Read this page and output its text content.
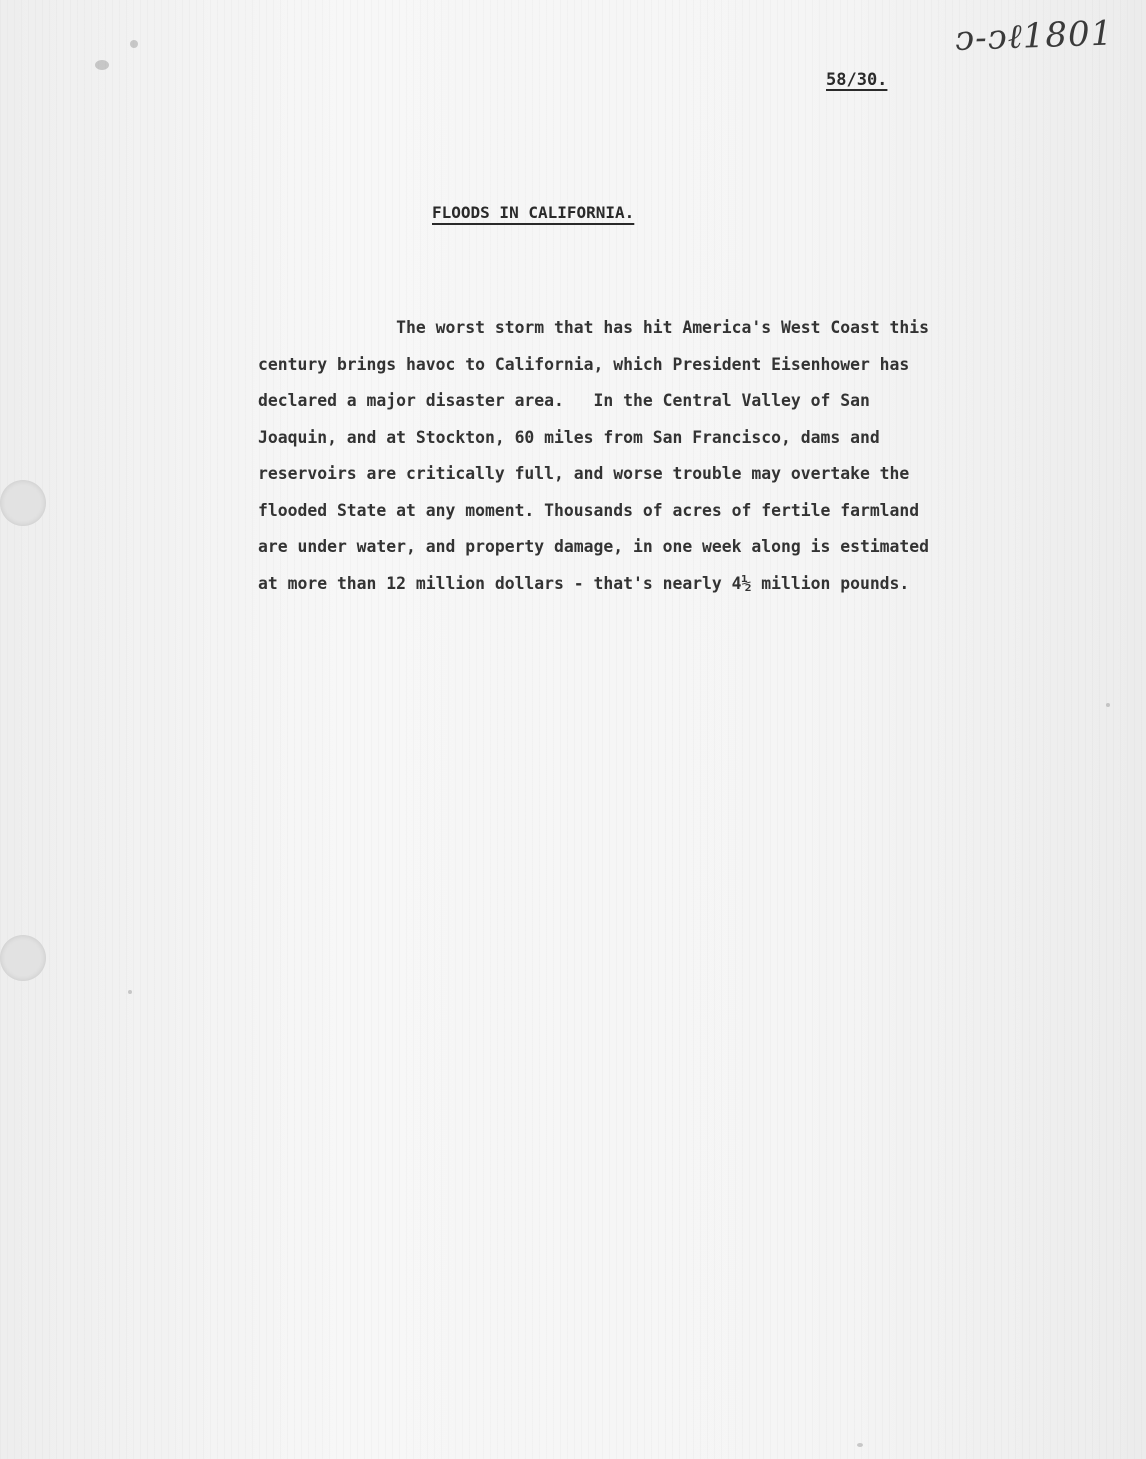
ↄ-ↄℓ1801
58/30.
FLOODS IN CALIFORNIA.
The worst storm that has hit America's West Coast this
century brings havoc to California, which President Eisenhower has
declared a major disaster area.   In the Central Valley of San
Joaquin, and at Stockton, 60 miles from San Francisco, dams and
reservoirs are critically full, and worse trouble may overtake the
flooded State at any moment. Thousands of acres of fertile farmland
are under water, and property damage, in one week along is estimated
at more than 12 million dollars - that's nearly 4½ million pounds.
